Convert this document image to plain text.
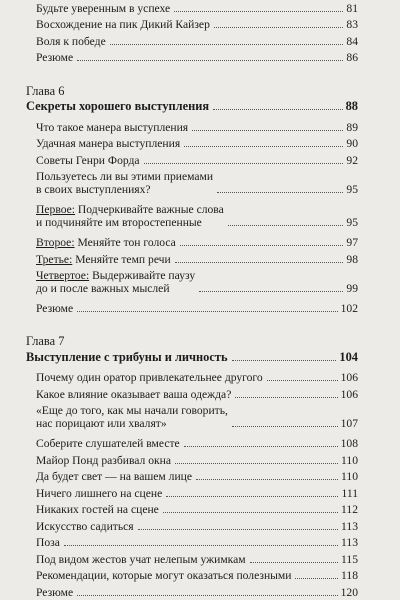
Будьте уверенным в успехе	81
Восхождение на пик Дикий Кайзер	83
Воля к победе	84
Резюме	86
Глава 6
Секреты хорошего выступления	88
Что такое манера выступления	89
Удачная манера выступления	90
Советы Генри Форда	92
Пользуетесь ли вы этими приемами
в своих выступлениях?	95
Первое: Подчеркивайте важные слова
и подчиняйте им второстепенные	95
Второе: Меняйте тон голоса	97
Третье: Меняйте темп речи	98
Четвертое: Выдерживайте паузу
до и после важных мыслей	99
Резюме	102
Глава 7
Выступление с трибуны и личность	104
Почему один оратор привлекательнее другого	106
Какое влияние оказывает ваша одежда?	106
«Еще до того, как мы начали говорить,
нас порицают или хвалят»	107
Соберите слушателей вместе	108
Майор Понд разбивал окна	110
Да будет свет — на вашем лице	110
Ничего лишнего на сцене	111
Никаких гостей на сцене	112
Искусство садиться	113
Поза	113
Под видом жестов учат нелепым ужимкам	115
Рекомендации, которые могут оказаться полезными	118
Резюме	120
